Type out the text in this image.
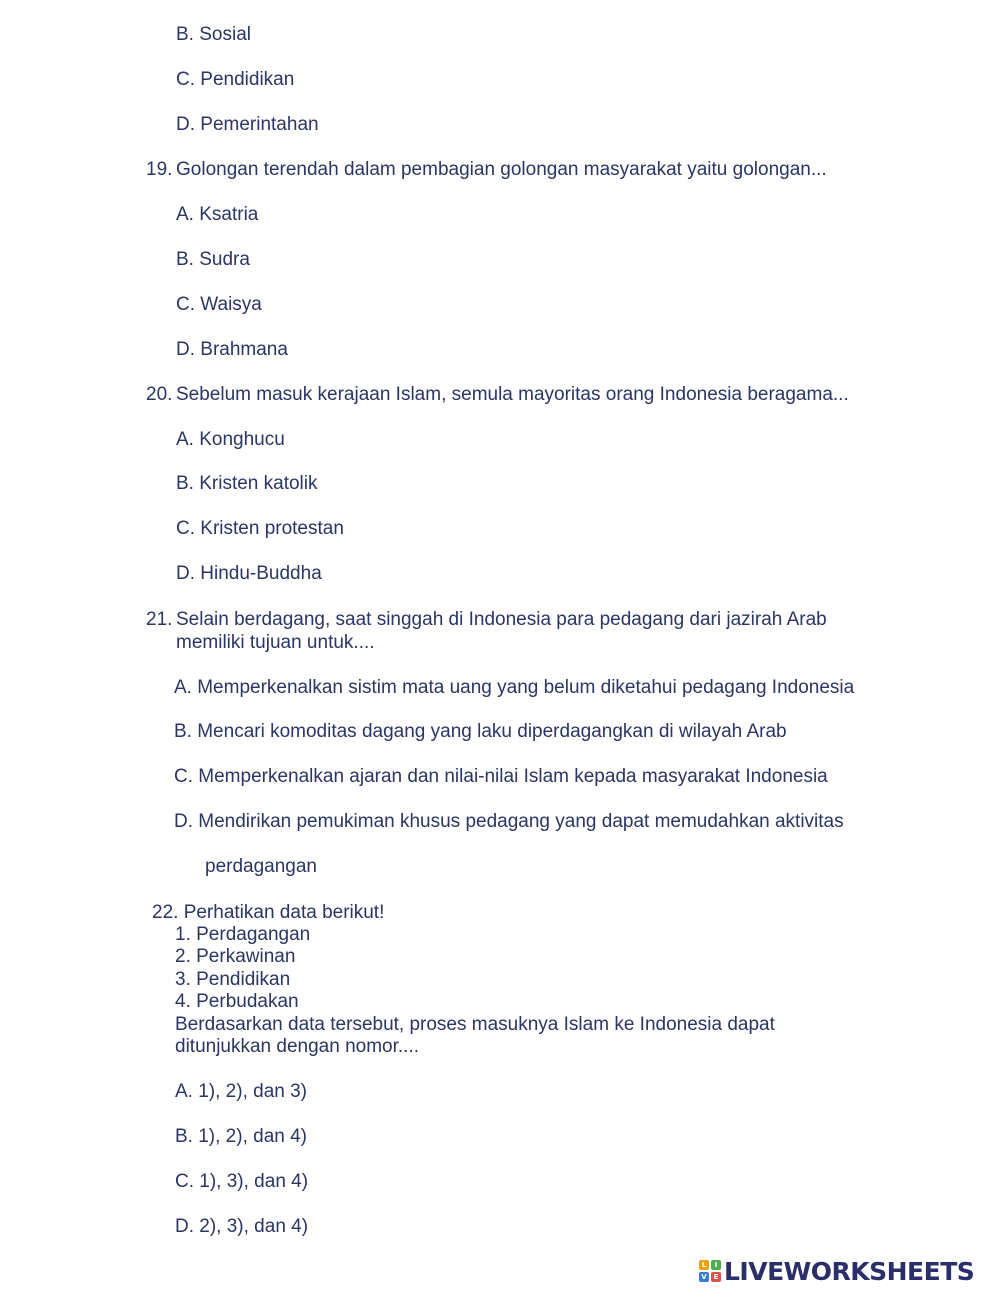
B. Sosial
C. Pendidikan
D. Pemerintahan
19. Golongan terendah dalam pembagian golongan masyarakat yaitu golongan...
A. Ksatria
B. Sudra
C. Waisya
D. Brahmana
20. Sebelum masuk kerajaan Islam, semula mayoritas orang Indonesia beragama...
A. Konghucu
B. Kristen katolik
C. Kristen protestan
D. Hindu-Buddha
21. Selain berdagang, saat singgah di Indonesia para pedagang dari jazirah Arab
memiliki tujuan untuk....
A. Memperkenalkan sistim mata uang yang belum diketahui pedagang Indonesia
B. Mencari komoditas dagang yang laku diperdagangkan di wilayah Arab
C. Memperkenalkan ajaran dan nilai-nilai Islam kepada masyarakat Indonesia
D. Mendirikan pemukiman khusus pedagang yang dapat memudahkan aktivitas
perdagangan
22. Perhatikan data berikut!
1. Perdagangan
2. Perkawinan
3. Pendidikan
4. Perbudakan
Berdasarkan data tersebut, proses masuknya Islam ke Indonesia dapat
ditunjukkan dengan nomor....
A. 1), 2), dan 3)
B. 1), 2), dan 4)
C. 1), 3), dan 4)
D. 2), 3), dan 4)
L	I
V E LIVEWORKSHEETS
